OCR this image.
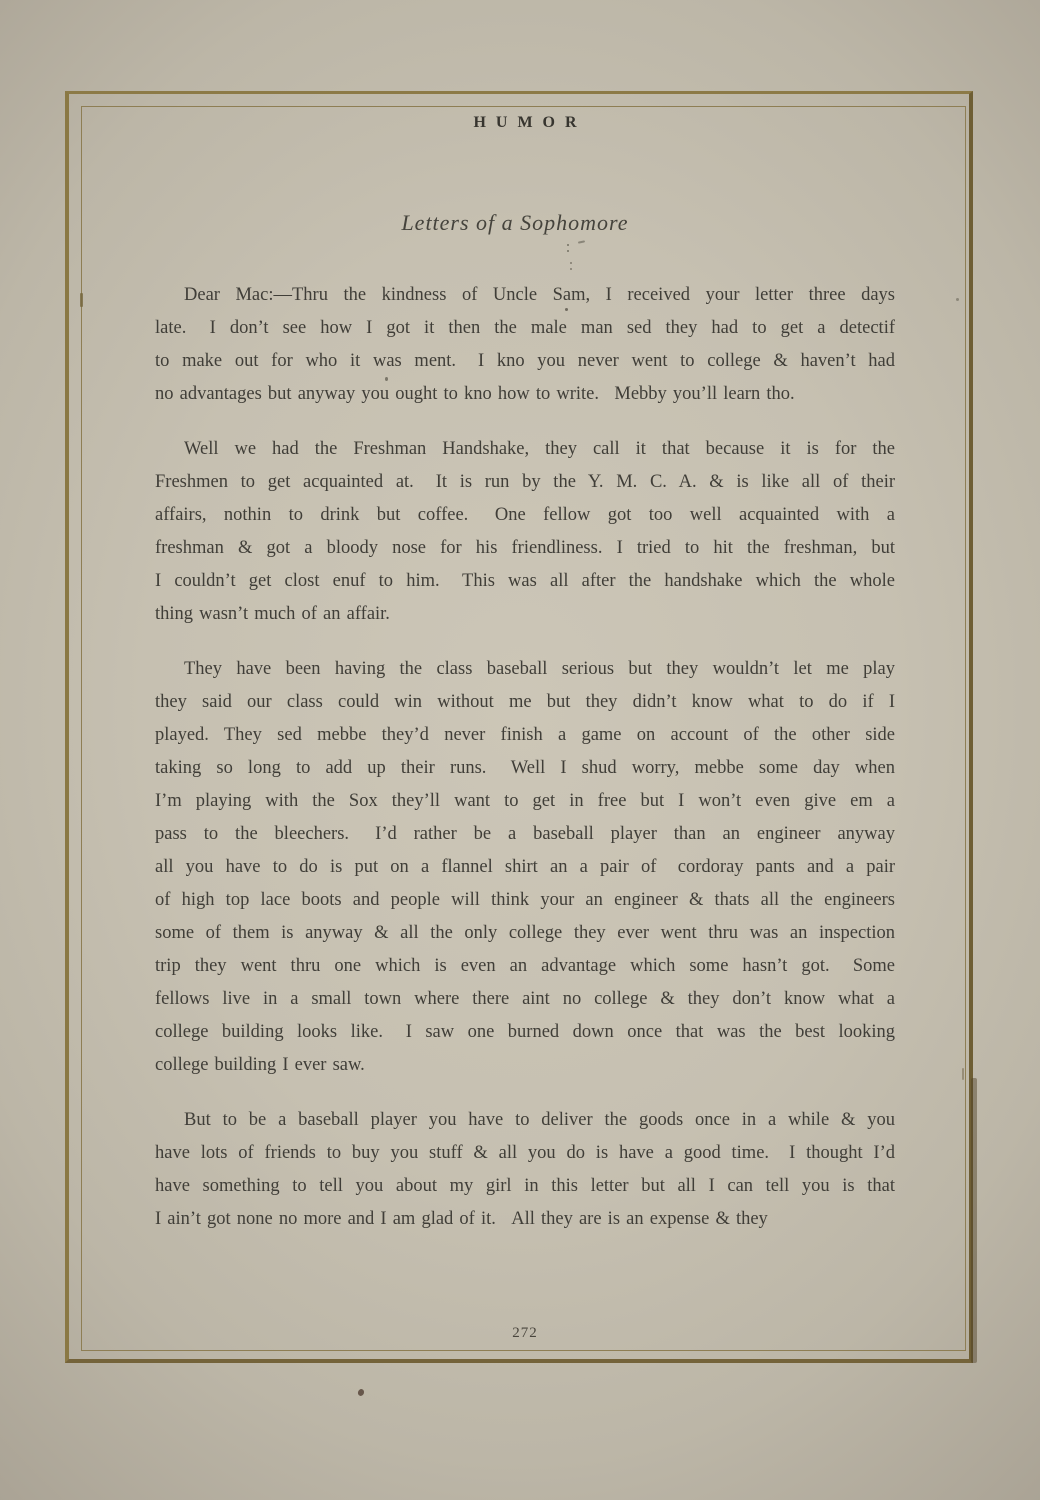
HUMOR
Letters of a Sophomore
Dear Mac:—Thru the kindness of Uncle Sam, I received your letter three days
late.  I don’t see how I got it then the male man sed they had to get a detectif
to make out for who it was ment.  I kno you never went to college & haven’t had
no advantages but anyway you ought to kno how to write.  Mebby you’ll learn tho.
Well we had the Freshman Handshake, they call it that because it is for the
Freshmen to get acquainted at.  It is run by the Y. M. C. A. & is like all of their
affairs, nothin to drink but coffee.  One fellow got too well acquainted with a
freshman & got a bloody nose for his friendliness. I tried to hit the freshman, but
I couldn’t get clost enuf to him.  This was all after the handshake which the whole
thing wasn’t much of an affair.
They have been having the class baseball serious but they wouldn’t let me play
they said our class could win without me but they didn’t know what to do if I
played. They sed mebbe they’d never finish a game on account of the other side
taking so long to add up their runs.  Well I shud worry, mebbe some day when
I’m playing with the Sox they’ll want to get in free but I won’t even give em a
pass to the bleechers.  I’d rather be a baseball player than an engineer anyway
all you have to do is put on a flannel shirt an a pair of  cordoray pants and a pair
of high top lace boots and people will think your an engineer & thats all the engineers
some of them is anyway & all the only college they ever went thru was an inspection
trip they went thru one which is even an advantage which some hasn’t got.  Some
fellows live in a small town where there aint no college & they don’t know what a
college building looks like.  I saw one burned down once that was the best looking
college building I ever saw.
But to be a baseball player you have to deliver the goods once in a while & you
have lots of friends to buy you stuff & all you do is have a good time.  I thought I’d
have something to tell you about my girl in this letter but all I can tell you is that
I ain’t got none no more and I am glad of it.  All they are is an expense & they
272
